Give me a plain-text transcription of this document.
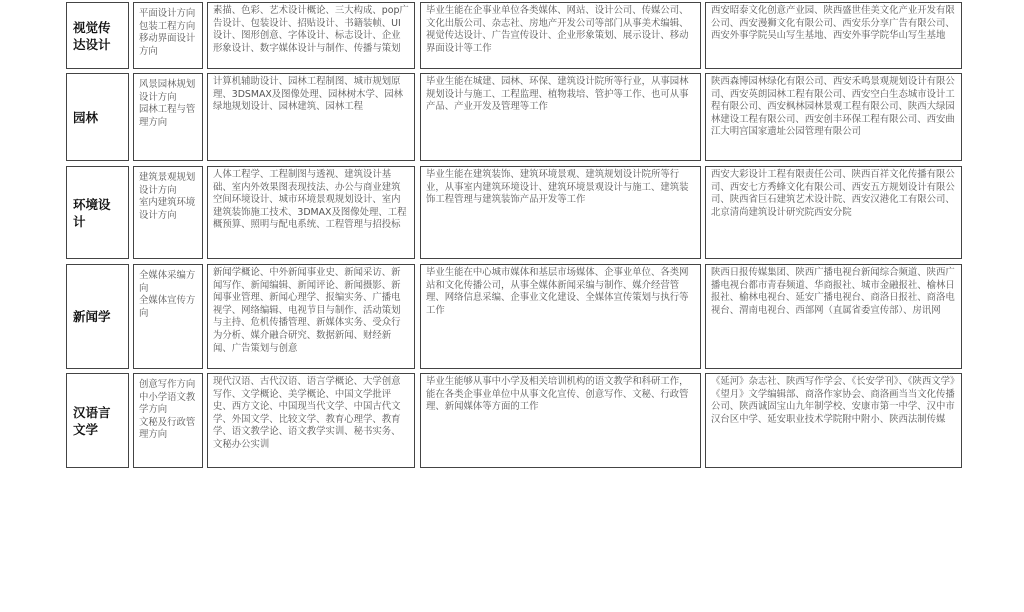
视觉传达设计
平面设计方向
包装工程方向
移动界面设计方向
素描、色彩、艺术设计概论、三大构成、pop广告设计、包装设计、招贴设计、书籍装帧、UI设计、图形创意、字体设计、标志设计、企业形象设计、数字媒体设计与制作、传播与策划
毕业生能在企事业单位各类媒体、网站、设计公司、传媒公司、文化出版公司、杂志社、房地产开发公司等部门从事美术编辑、视觉传达设计、广告宣传设计、企业形象策划、展示设计、移动界面设计等工作
西安昭泰文化创意产业园、陕西盛世佳美文化产业开发有限公司、西安漫狮文化有限公司、西安乐分享广告有限公司、西安外事学院吴山写生基地、西安外事学院华山写生基地
园林
风景园林规划设计方向
园林工程与管理方向
计算机辅助设计、园林工程制图、城市规划原理、3DSMAX及图像处理、园林树木学、园林绿地规划设计、园林建筑、园林工程
毕业生能在城建、园林、环保、建筑设计院所等行业，从事园林规划设计与施工、工程监理、植物栽培、管护等工作、也可从事产品、产业开发及管理等工作
陕西森博园林绿化有限公司、西安禾鸣景观规划设计有限公司、西安英朗园林工程有限公司、西安空白生态城市设计工程有限公司、西安枫林园林景观工程有限公司、陕西大绿园林建设工程有限公司、西安创丰环保工程有限公司、西安曲江大明宫国家遗址公园管理有限公司
环境设计
建筑景观规划设计方向
室内建筑环境设计方向
人体工程学、工程制图与透视、建筑设计基础、室内外效果图表现技法、办公与商业建筑空间环境设计、城市环境景观规划设计、室内建筑装饰施工技术、3DMAX及图像处理、工程概预算、照明与配电系统、工程管理与招投标
毕业生能在建筑装饰、建筑环境景观、建筑规划设计院所等行业，从事室内建筑环境设计、建筑环境景观设计与施工、建筑装饰工程管理与建筑装饰产品开发等工作
西安大彩设计工程有限责任公司、陕西百祥文化传播有限公司、西安七方秀蜂文化有限公司、西安五方规划设计有限公司、陕西省巨石建筑艺术设计院、西安汉港化工有限公司、北京清尚建筑设计研究院西安分院
新闻学
全媒体采编方向
全媒体宣传方向
新闻学概论、中外新闻事业史、新闻采访、新闻写作、新闻编辑、新闻评论、新闻摄影、新闻事业管理、新闻心理学、报编实务、广播电视学、网络编辑、电视节目与制作、活动策划与主持、危机传播管理、新媒体实务、受众行为分析、媒介融合研究、数据新闻、财经新闻、广告策划与创意
毕业生能在中心城市媒体和基层市场媒体、企事业单位、各类网站和文化传播公司，从事全媒体新闻采编与制作、媒介经营管理、网络信息采编、企事业文化建设、全媒体宣传策划与执行等工作
陕西日报传媒集团、陕西广播电视台新闻综合频道、陕西广播电视台都市青春频道、华商报社、城市金融报社、榆林日报社、榆林电视台、延安广播电视台、商洛日报社、商洛电视台、渭南电视台、西部网（直属省委宣传部）、房讯网
汉语言文学
创意写作方向
中小学语文教学方向
文秘及行政管理方向
现代汉语、古代汉语、语言学概论、大学创意写作、文学概论、美学概论、中国文学批评史、西方文论、中国现当代文学、中国古代文学、外国文学、比较文学、教育心理学、教育学、语文教学论、语文教学实训、秘书实务、文秘办公实训
毕业生能够从事中小学及相关培训机构的语文教学和科研工作，能在各类企事业单位中从事文化宣传、创意写作、文秘、行政管理、新闻媒体等方面的工作
《延河》杂志社、陕西写作学会、《长安学刊》、《陕西文学》《望月》文学编辑部、商洛作家协会、商洛画当当文化传播公司、陕西诚固宝山九年制学校、安康市第一中学、汉中市汉台区中学、延安职业技术学院附中附小、陕西法制传媒
